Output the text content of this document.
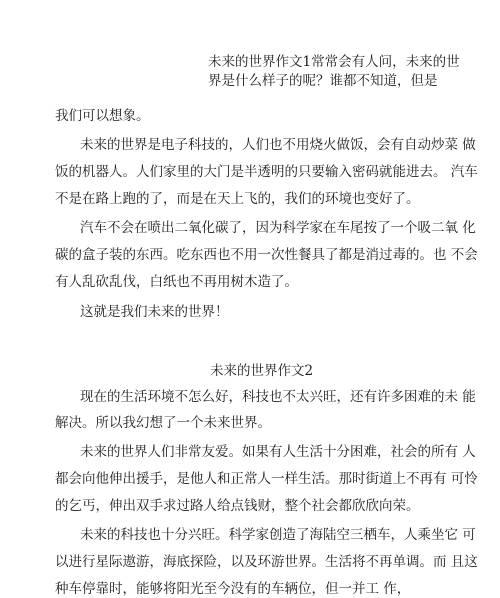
未来的世界作文1常常会有人问，未来的世
界是什么样子的呢？谁都不知道，但是
我们可以想象。
未来的世界是电子科技的，人们也不用烧火做饭，会有自动炒菜 做
饭的机器人。人们家里的大门是半透明的只要输入密码就能进去。 汽车
不是在路上跑的了，而是在天上飞的，我们的环境也变好了。
汽车不会在喷出二氧化碳了，因为科学家在车尾按了一个吸二氧 化
碳的盒子装的东西。吃东西也不用一次性餐具了都是消过毒的。也 不会
有人乱砍乱伐，白纸也不再用树木造了。
这就是我们未来的世界！
未来的世界作文2
现在的生活环境不怎么好，科技也不太兴旺，还有许多困难的未 能
解决。所以我幻想了一个未来世界。
未来的世界人们非常友爱。如果有人生活十分困难，社会的所有 人
都会向他伸出援手，是他人和正常人一样生活。那时街道上不再有 可怜
的乞丐，伸出双手求过路人给点钱财，整个社会都欣欣向荣。
未来的科技也十分兴旺。科学家创造了海陆空三栖车，人乘坐它 可
以进行星际遨游，海底探险，以及环游世界。生活将不再单调。而 且这
种车停靠时，能够将阳光至今没有的车辆位，但一并工 作，
